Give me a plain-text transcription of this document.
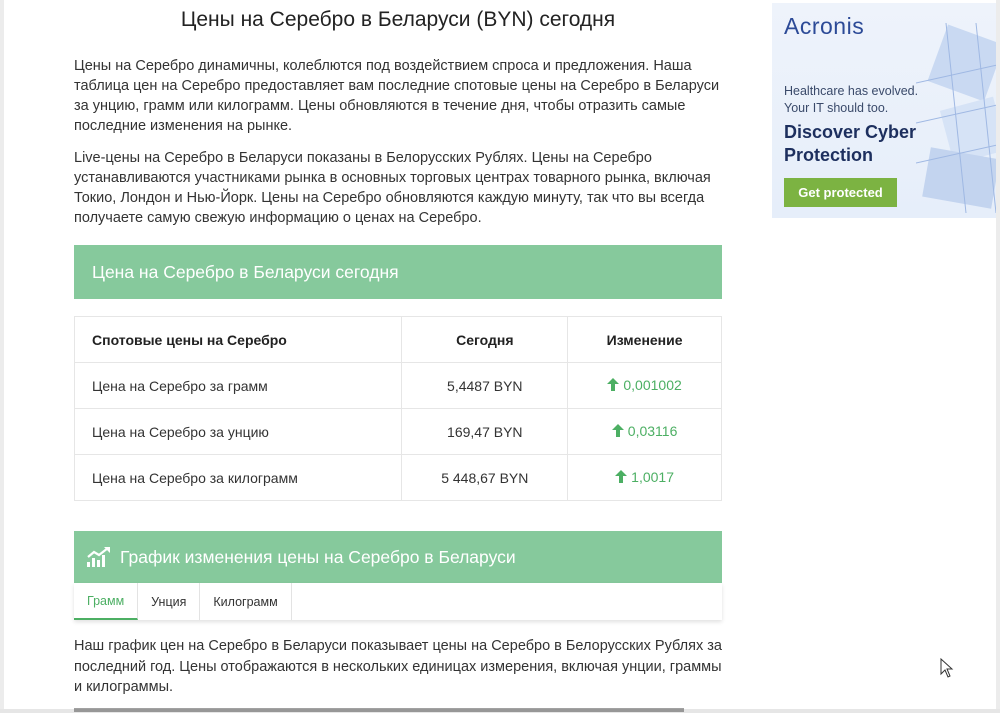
Цены на Серебро в Беларуси (BYN) сегодня

Цены на Серебро динамичны, колеблются под воздействием спроса и предложения. Наша таблица цен на Серебро предоставляет вам последние спотовые цены на Серебро в Беларуси за унцию, грамм или килограмм. Цены обновляются в течение дня, чтобы отразить самые последние изменения на рынке.

Live-цены на Серебро в Беларуси показаны в Белорусских Рублях. Цены на Серебро устанавливаются участниками рынка в основных торговых центрах товарного рынка, включая Токио, Лондон и Нью-Йорк. Цены на Серебро обновляются каждую минуту, так что вы всегда получаете самую свежую информацию о ценах на Серебро.

Цена на Серебро в Беларуси сегодня
Спотовые цены на Серебро	Сегодня	Изменение
Цена на Серебро за грамм	5,4487 BYN	0,001002
Цена на Серебро за унцию	169,47 BYN	0,03116
Цена на Серебро за килограмм	5 448,67 BYN	1,0017
График изменения цены на Серебро в Беларуси
Грамм	Унция	Килограмм

Наш график цен на Серебро в Беларуси показывает цены на Серебро в Белорусских Рублях за последний год. Цены отображаются в нескольких единицах измерения, включая унции, граммы и килограммы.

Acronis
Healthcare has evolved. Your IT should too.
Discover Cyber Protection
Get protected
